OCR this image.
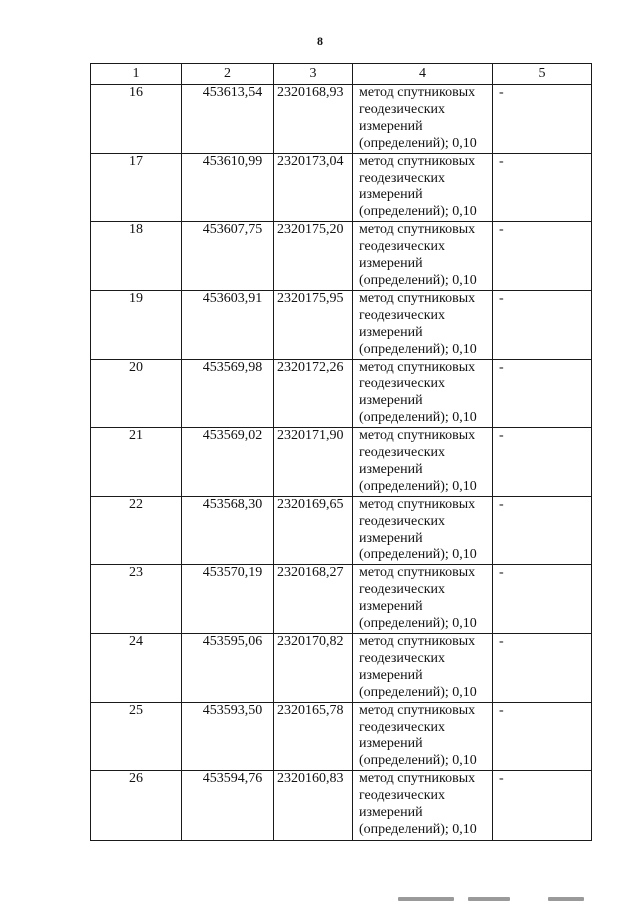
8
1	2	3	4	5
16	453613,54	2320168,93	метод спутниковых
геодезических
измерений
(определений); 0,10	-
17	453610,99	2320173,04	метод спутниковых
геодезических
измерений
(определений); 0,10	-
18	453607,75	2320175,20	метод спутниковых
геодезических
измерений
(определений); 0,10	-
19	453603,91	2320175,95	метод спутниковых
геодезических
измерений
(определений); 0,10	-
20	453569,98	2320172,26	метод спутниковых
геодезических
измерений
(определений); 0,10	-
21	453569,02	2320171,90	метод спутниковых
геодезических
измерений
(определений); 0,10	-
22	453568,30	2320169,65	метод спутниковых
геодезических
измерений
(определений); 0,10	-
23	453570,19	2320168,27	метод спутниковых
геодезических
измерений
(определений); 0,10	-
24	453595,06	2320170,82	метод спутниковых
геодезических
измерений
(определений); 0,10	-
25	453593,50	2320165,78	метод спутниковых
геодезических
измерений
(определений); 0,10	-
26	453594,76	2320160,83	метод спутниковых
геодезических
измерений
(определений); 0,10	-
